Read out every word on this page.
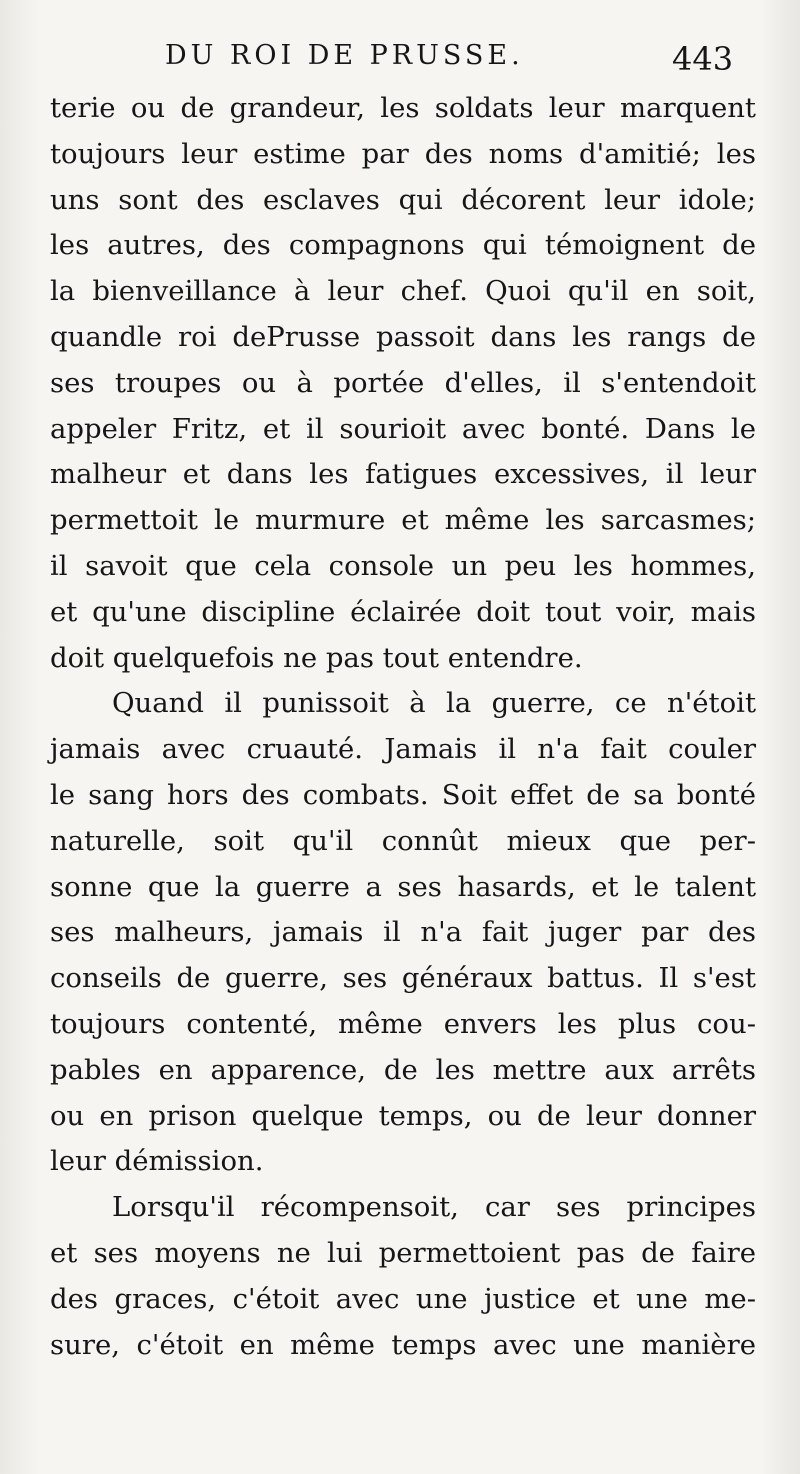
DU ROI DE PRUSSE.	443
terie ou de grandeur, les soldats leur marquent
toujours leur estime par des noms d'amitié; les
uns sont des esclaves qui décorent leur idole;
les autres, des compagnons qui témoignent de
la bienveillance à leur chef. Quoi qu'il en soit,
quandle roi dePrusse passoit dans les rangs de
ses troupes ou à portée d'elles, il s'entendoit
appeler Fritz, et il sourioit avec bonté. Dans le
malheur et dans les fatigues excessives, il leur
permettoit le murmure et même les sarcasmes;
il savoit que cela console un peu les hommes,
et qu'une discipline éclairée doit tout voir, mais
doit quelquefois ne pas tout entendre.
Quand il punissoit à la guerre, ce n'étoit
jamais avec cruauté. Jamais il n'a fait couler
le sang hors des combats. Soit effet de sa bonté
naturelle, soit qu'il connût mieux que per-
sonne que la guerre a ses hasards, et le talent
ses malheurs, jamais il n'a fait juger par des
conseils de guerre, ses généraux battus. Il s'est
toujours contenté, même envers les plus cou-
pables en apparence, de les mettre aux arrêts
ou en prison quelque temps, ou de leur donner
leur démission.
Lorsqu'il récompensoit, car ses principes
et ses moyens ne lui permettoient pas de faire
des graces, c'étoit avec une justice et une me-
sure, c'étoit en même temps avec une manière
